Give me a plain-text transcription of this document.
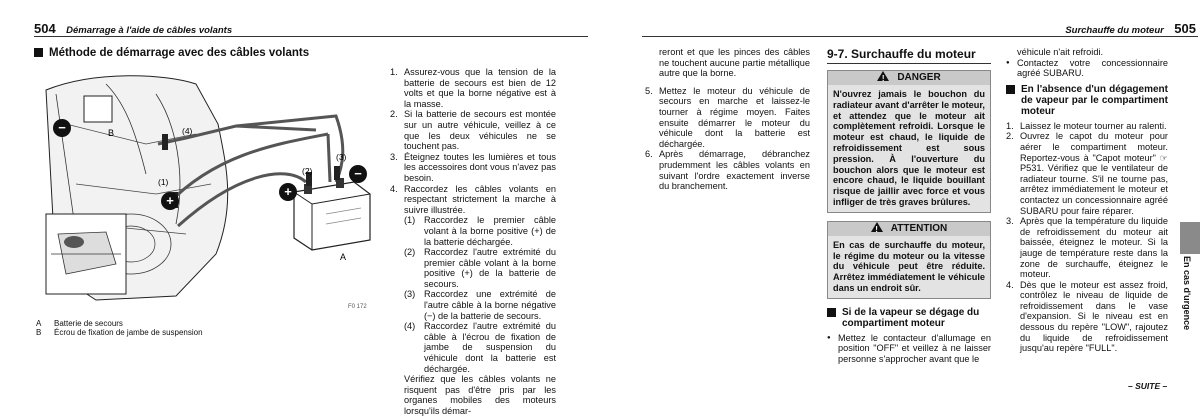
504 Démarrage à l'aide de câbles volants
Méthode de démarrage avec des câbles volants
−
+
+
−
B
A
(1)
(2)
(3)
(4)
F0 172
A Batterie de secours
B Écrou de fixation de jambe de suspension
1. Assurez-vous que la tension de la batterie de secours est bien de 12 volts et que la borne négative est à la masse.
2. Si la batterie de secours est montée sur un autre véhicule, veillez à ce que les deux véhicules ne se touchent pas.
3. Éteignez toutes les lumières et tous les accessoires dont vous n'avez pas besoin.
4. Raccordez les câbles volants en respectant strictement la marche à suivre illustrée.
(1) Raccordez le premier câble volant à la borne positive (+) de la batterie déchargée.
(2) Raccordez l'autre extrémité du premier câble volant à la borne positive (+) de la batterie de secours.
(3) Raccordez une extrémité de l'autre câble à la borne négative (−) de la batterie de secours.
(4) Raccordez l'autre extrémité du câble à l'écrou de fixation de jambe de suspension du véhicule dont la batterie est déchargée.
Vérifiez que les câbles volants ne risquent pas d'être pris par les organes mobiles des moteurs lorsqu'ils démar-
Surchauffe du moteur 505
reront et que les pinces des câbles ne touchent aucune partie métallique autre que la borne.
5. Mettez le moteur du véhicule de secours en marche et laissez-le tourner à régime moyen. Faites ensuite démarrer le moteur du véhicule dont la batterie est déchargée.
6. Après démarrage, débranchez prudemment les câbles volants en suivant l'ordre exactement inverse du branchement.
9-7. Surchauffe du moteur
!DANGER
N'ouvrez jamais le bouchon du radiateur avant d'arrêter le moteur, et attendez que le moteur ait complètement refroidi. Lorsque le moteur est chaud, le liquide de refroidissement est sous pression. À l'ouverture du bouchon alors que le moteur est encore chaud, le liquide bouillant risque de jaillir avec force et vous infliger de très graves brûlures.
!ATTENTION
En cas de surchauffe du moteur, le régime du moteur ou la vitesse du véhicule peut être réduite. Arrêtez immédiatement le véhicule dans un endroit sûr.
Si de la vapeur se dégage du compartiment moteur
● Mettez le contacteur d'allumage en position "OFF" et veillez à ne laisser personne s'approcher avant que le
véhicule n'ait refroidi.
● Contactez votre concessionnaire agréé SUBARU.
En l'absence d'un dégagement de vapeur par le compartiment moteur
1. Laissez le moteur tourner au ralenti.
2. Ouvrez le capot du moteur pour aérer le compartiment moteur. Reportez-vous à "Capot moteur" ☞P531. Vérifiez que le ventilateur de radiateur tourne. S'il ne tourne pas, arrêtez immédiatement le moteur et contactez un concessionnaire agréé SUBARU pour faire réparer.
3. Après que la température du liquide de refroidissement du moteur ait baissée, éteignez le moteur. Si la jauge de température reste dans la zone de surchauffe, éteignez le moteur.
4. Dès que le moteur est assez froid, contrôlez le niveau de liquide de refroidissement dans le vase d'expansion. Si le niveau est en dessous du repère "LOW", rajoutez du liquide de refroidissement jusqu'au repère "FULL".
– SUITE –
En cas d'urgence
